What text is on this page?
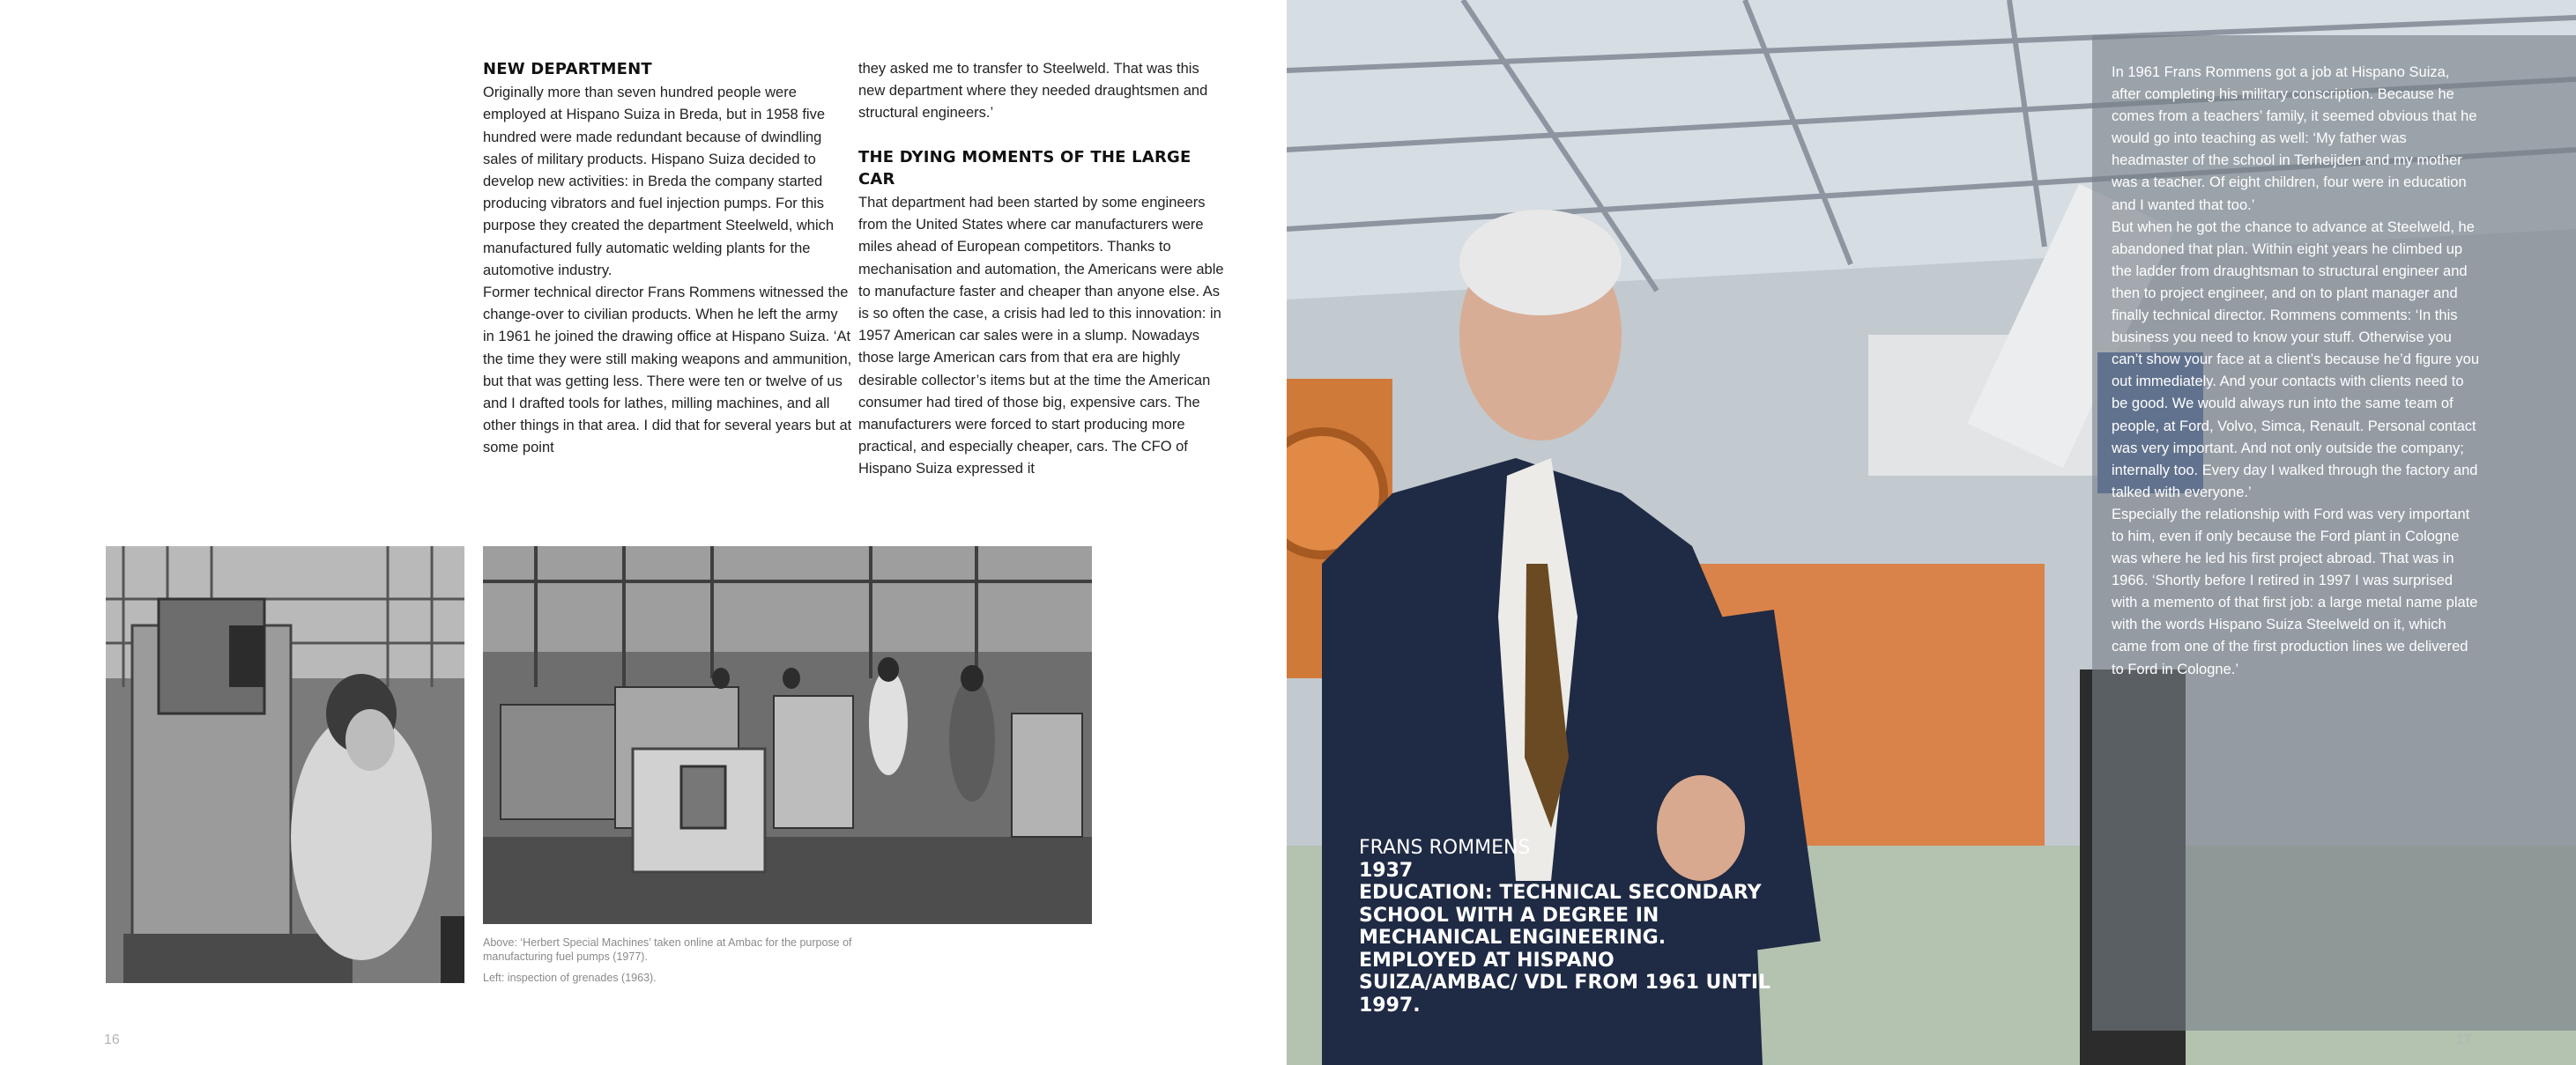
NEW DEPARTMENT

Originally more than seven hundred people were employed at Hispano Suiza in Breda, but in 1958 five hundred were made redundant because of dwindling sales of military products. Hispano Suiza decided to develop new activities: in Breda the company started producing vibrators and fuel injection pumps. For this purpose they created the department Steelweld, which manufactured fully automatic welding plants for the automotive industry.

Former technical director Frans Rommens witnessed the change-over to civilian products. When he left the army in 1961 he joined the drawing office at Hispano Suiza. ‘At the time they were still making weapons and ammunition, but that was getting less. There were ten or twelve of us and I drafted tools for lathes, milling machines, and all other things in that area. I did that for several years but at some point

they asked me to transfer to Steelweld. That was this new department where they needed draughtsmen and structural engineers.’

THE DYING MOMENTS OF THE LARGE CAR

That department had been started by some engineers from the United States where car manufacturers were miles ahead of European competitors. Thanks to mechanisation and automation, the Americans were able to manufacture faster and cheaper than anyone else. As is so often the case, a crisis had led to this innovation: in 1957 American car sales were in a slump. Nowadays those large American cars from that era are highly desirable collector’s items but at the time the American consumer had tired of those big, expensive cars. The manufacturers were forced to start producing more practical, and especially cheaper, cars. The CFO of Hispano Suiza expressed it

Above: ‘Herbert Special Machines’ taken online at Ambac for the purpose of manufacturing fuel pumps (1977).
Left: inspection of grenades (1963).
16

In 1961 Frans Rommens got a job at Hispano Suiza, after completing his military conscription. Because he comes from a teachers’ family, it seemed obvious that he would go into teaching as well: ‘My father was headmaster of the school in Terheijden and my mother was a teacher. Of eight children, four were in education and I wanted that too.’

But when he got the chance to advance at Steelweld, he abandoned that plan. Within eight years he climbed up the ladder from draughtsman to structural engineer and then to project engineer, and on to plant manager and finally technical director. Rommens comments: ‘In this business you need to know your stuff. Otherwise you can’t show your face at a client’s because he’d figure you out immediately. And your contacts with clients need to be good. We would always run into the same team of people, at Ford, Volvo, Simca, Renault. Personal contact was very important. And not only outside the company; internally too. Every day I walked through the factory and talked with everyone.’

Especially the relationship with Ford was very important to him, even if only because the Ford plant in Cologne was where he led his first project abroad. That was in 1966. ‘Shortly before I retired in 1997 I was surprised with a memento of that first job: a large metal name plate with the words Hispano Suiza Steelweld on it, which came from one of the first production lines we delivered to Ford in Cologne.’

FRANS ROMMENS
1937
EDUCATION: TECHNICAL SECONDARY SCHOOL WITH A DEGREE IN MECHANICAL ENGINEERING.
EMPLOYED AT HISPANO SUIZA/AMBAC/ VDL FROM 1961 UNTIL 1997.
17
